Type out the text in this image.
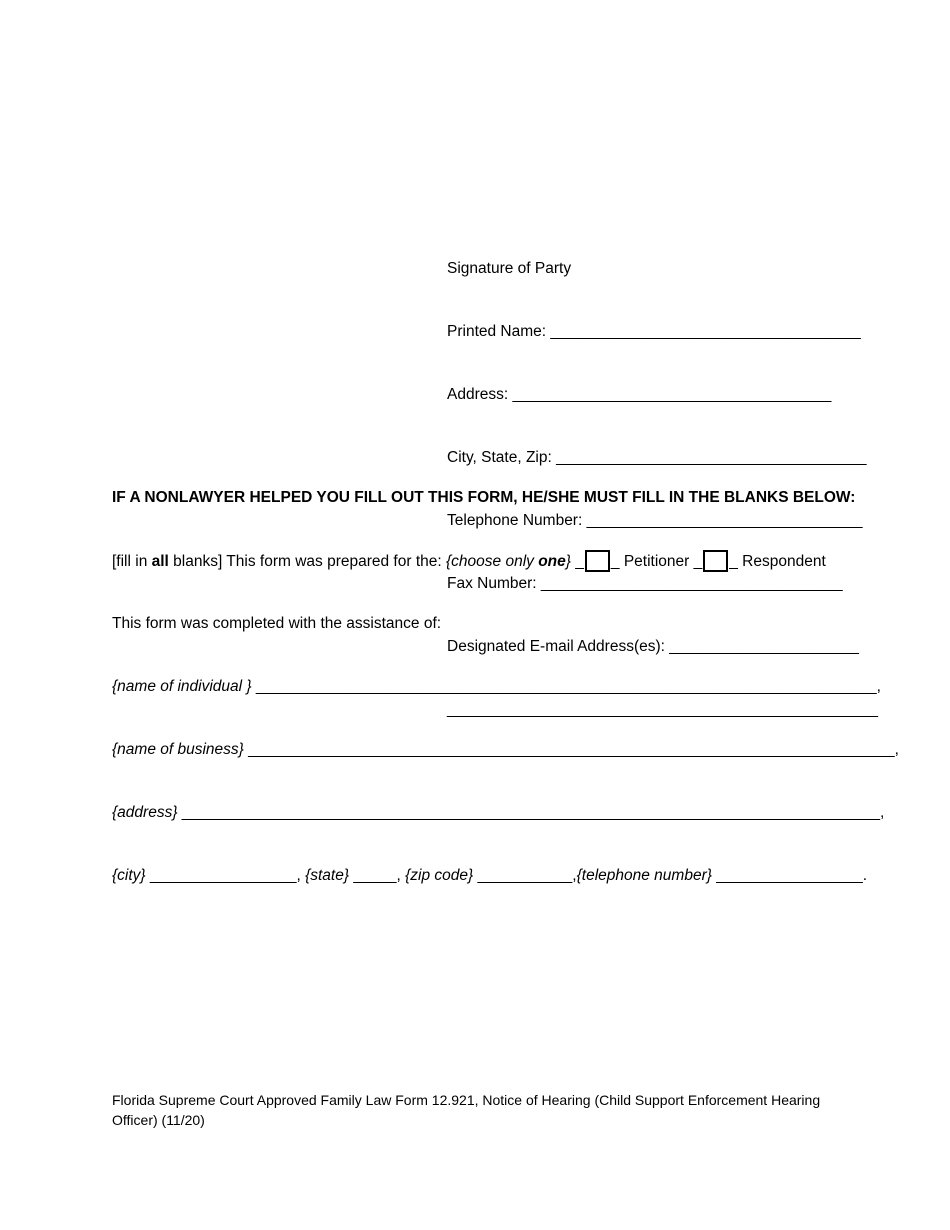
Signature of Party

Printed Name: ____________________________________

Address: _____________________________________

City, State, Zip: ____________________________________

Telephone Number: ________________________________

Fax Number: ___________________________________

Designated E-mail Address(es): ______________________

__________________________________________________

IF A NONLAWYER HELPED YOU FILL OUT THIS FORM, HE/SHE MUST FILL IN THE BLANKS BELOW:

[fill in all blanks] This form was prepared for the: {choose only one} _ _ Petitioner _ _ Respondent

This form was completed with the assistance of:

{name of individual } ________________________________________________________________________,

{name of business} ___________________________________________________________________________,

{address} _________________________________________________________________________________,

{city} _________________, {state} _____, {zip code} ___________,{telephone number} _________________.

Florida Supreme Court Approved Family Law Form 12.921, Notice of Hearing (Child Support Enforcement Hearing Officer) (11/20)
